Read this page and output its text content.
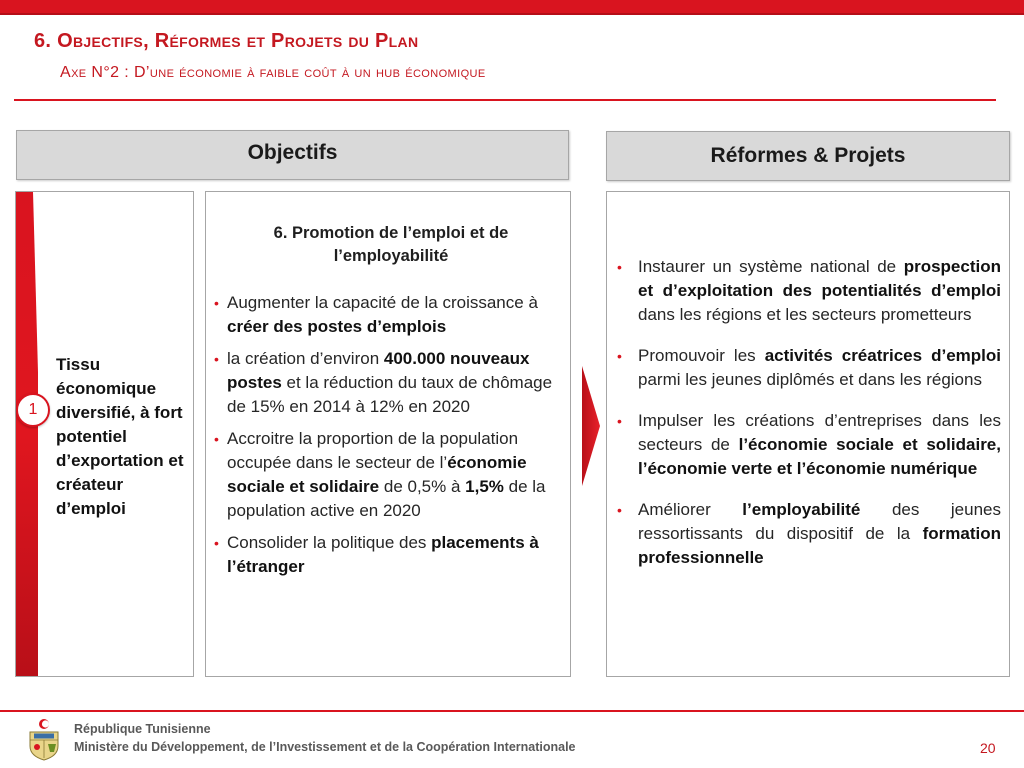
6. Objectifs, Réformes et Projets du Plan
Axe N°2 : D’une économie à faible coût à un hub économique
Objectifs	Réformes & Projets
Tissu économique diversifié, à fort potentiel d’exportation et créateur d’emploi
1
6. Promotion de l’emploi et de l’employabilité
• Augmenter la capacité de la croissance à créer des postes d’emplois
• la création d’environ 400.000 nouveaux postes et la réduction du taux de chômage de 15% en 2014 à 12% en 2020
• Accroitre la proportion de la population occupée dans le secteur de l’économie sociale et solidaire de 0,5% à 1,5% de la population active en 2020
• Consolider la politique des placements à l’étranger
• Instaurer un système national de prospection et d’exploitation des potentialités d’emploi dans les régions et les secteurs prometteurs
• Promouvoir les activités créatrices d’emploi parmi les jeunes diplômés et dans les régions
• Impulser les créations d’entreprises dans les secteurs de l’économie sociale et solidaire, l’économie verte et l’économie numérique
• Améliorer l’employabilité des jeunes ressortissants du dispositif de la formation professionnelle
République Tunisienne
Ministère du Développement, de l’Investissement et de la Coopération Internationale	20
